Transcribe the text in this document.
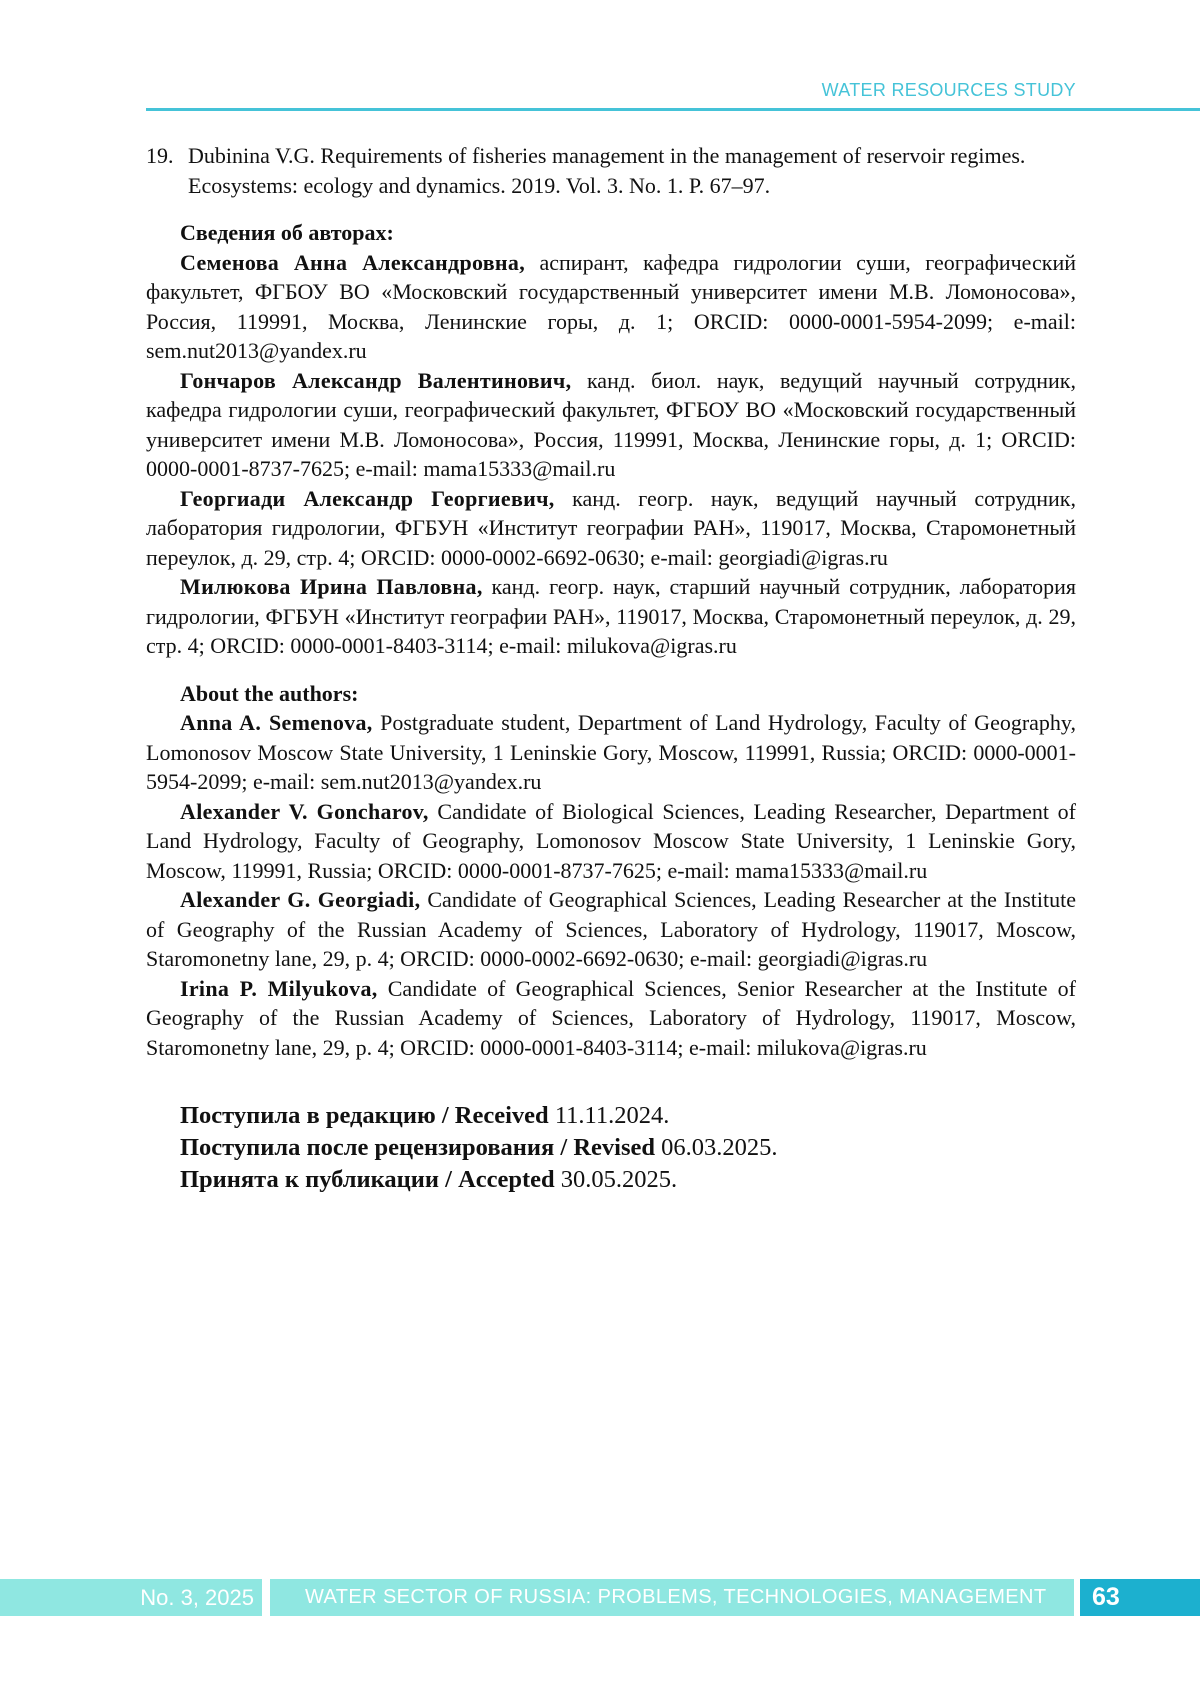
WATER RESOURCES STUDY
19. Dubinina V.G. Requirements of fisheries management in the management of reservoir regimes. Ecosystems: ecology and dynamics. 2019. Vol. 3. No. 1. P. 67–97.
Сведения об авторах:

Семенова Анна Александровна, аспирант, кафедра гидрологии суши, географический факультет, ФГБОУ ВО «Московский государственный университет имени М.В. Ломоносова», Россия, 119991, Москва, Ленинские горы, д. 1; ORCID: 0000-0001-5954-2099; e-mail: sem.nut2013@yandex.ru

Гончаров Александр Валентинович, канд. биол. наук, ведущий научный сотрудник, кафедра гидрологии суши, географический факультет, ФГБОУ ВО «Московский государственный университет имени М.В. Ломоносова», Россия, 119991, Москва, Ленинские горы, д. 1; ORCID: 0000-0001-8737-7625; e-mail: mama15333@mail.ru

Георгиади Александр Георгиевич, канд. геогр. наук, ведущий научный сотрудник, лаборатория гидрологии, ФГБУН «Институт географии РАН», 119017, Москва, Старомонетный переулок, д. 29, стр. 4; ORCID: 0000-0002-6692-0630; e-mail: georgiadi@igras.ru

Милюкова Ирина Павловна, канд. геогр. наук, старший научный сотрудник, лаборатория гидрологии, ФГБУН «Институт географии РАН», 119017, Москва, Старомонетный переулок, д. 29, стр. 4; ORCID: 0000-0001-8403-3114; e-mail: milukova@igras.ru

About the authors:

Anna A. Semenova, Postgraduate student, Department of Land Hydrology, Faculty of Geography, Lomonosov Moscow State University, 1 Leninskie Gory, Moscow, 119991, Russia; ORCID: 0000-0001-5954-2099; e-mail: sem.nut2013@yandex.ru

Alexander V. Goncharov, Candidate of Biological Sciences, Leading Researcher, Department of Land Hydrology, Faculty of Geography, Lomonosov Moscow State University, 1 Leninskie Gory, Moscow, 119991, Russia; ORCID: 0000-0001-8737-7625; e-mail: mama15333@mail.ru

Alexander G. Georgiadi, Candidate of Geographical Sciences, Leading Researcher at the Institute of Geography of the Russian Academy of Sciences, Laboratory of Hydrology, 119017, Moscow, Staromonetny lane, 29, p. 4; ORCID: 0000-0002-6692-0630; e-mail: georgiadi@igras.ru

Irina P. Milyukova, Candidate of Geographical Sciences, Senior Researcher at the Institute of Geography of the Russian Academy of Sciences, Laboratory of Hydrology, 119017, Moscow, Staromonetny lane, 29, p. 4; ORCID: 0000-0001-8403-3114; e-mail: milukova@igras.ru

Поступила в редакцию / Received 11.11.2024.
Поступила после рецензирования / Revised 06.03.2025.
Принята к публикации / Accepted 30.05.2025.
No. 3, 2025	WATER SECTOR OF RUSSIA: PROBLEMS, TECHNOLOGIES, MANAGEMENT	63
